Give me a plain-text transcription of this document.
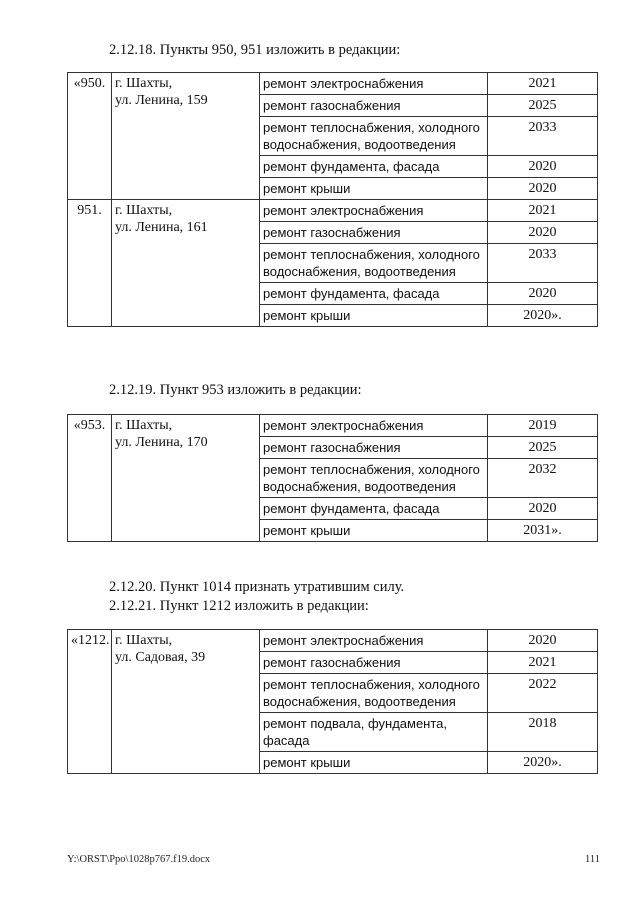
2.12.18. Пункты 950, 951 изложить в редакции:
«950.	г. Шахты,
ул. Ленина, 159	ремонт электроснабжения	2021
		ремонт газоснабжения	2025
		ремонт теплоснабжения, холодного водоснабжения, водоотведения	2033
		ремонт фундамента, фасада	2020
		ремонт крыши	2020
951.	г. Шахты,
ул. Ленина, 161	ремонт электроснабжения	2021
		ремонт газоснабжения	2020
		ремонт теплоснабжения, холодного водоснабжения, водоотведения	2033
		ремонт фундамента, фасада	2020
		ремонт крыши	2020».
2.12.19. Пункт 953 изложить в редакции:
«953.	г. Шахты,
ул. Ленина, 170	ремонт электроснабжения	2019
		ремонт газоснабжения	2025
		ремонт теплоснабжения, холодного водоснабжения, водоотведения	2032
		ремонт фундамента, фасада	2020
		ремонт крыши	2031».
2.12.20. Пункт 1014 признать утратившим силу.
2.12.21. Пункт 1212 изложить в редакции:
«1212.	г. Шахты,
ул. Садовая, 39	ремонт электроснабжения	2020
		ремонт газоснабжения	2021
		ремонт теплоснабжения, холодного водоснабжения, водоотведения	2022
		ремонт подвала, фундамента, фасада	2018
		ремонт крыши	2020».
Y:\ORST\Ppo\1028p767.f19.docx	111
